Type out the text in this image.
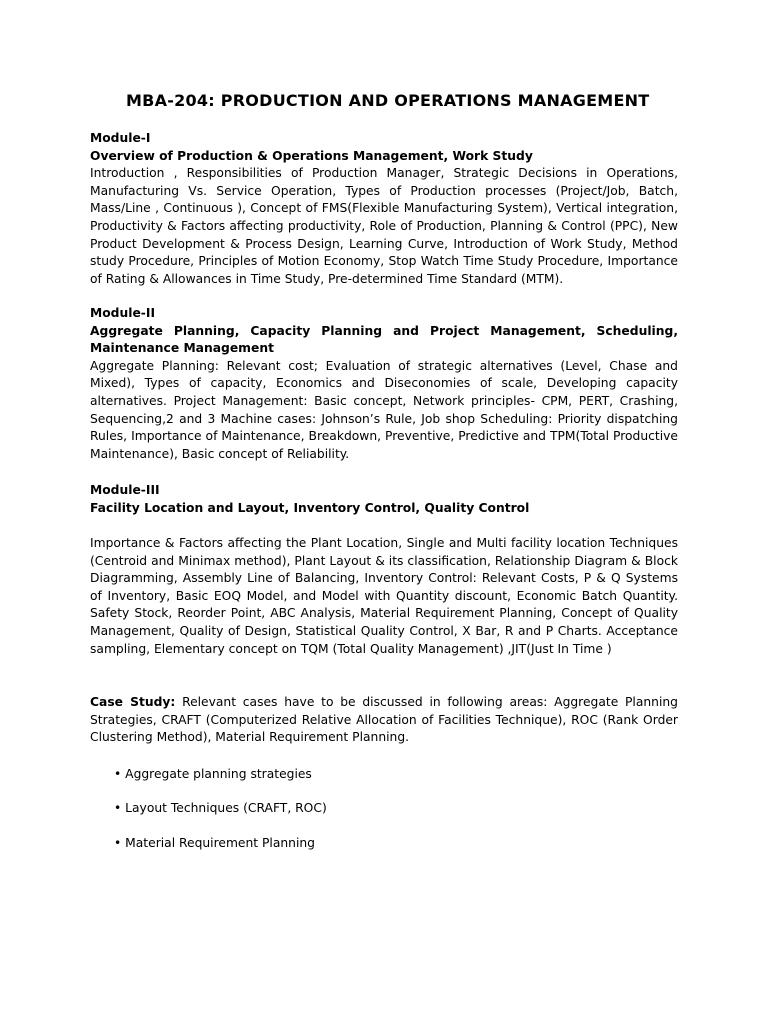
MBA-204: PRODUCTION AND OPERATIONS MANAGEMENT
Module-I
Overview of Production & Operations Management, Work Study

Introduction , Responsibilities of Production Manager, Strategic Decisions in Operations, Manufacturing Vs. Service Operation, Types of Production processes (Project/Job, Batch, Mass/Line , Continuous ), Concept of FMS(Flexible Manufacturing System), Vertical integration, Productivity & Factors affecting productivity, Role of Production, Planning & Control (PPC), New Product Development & Process Design, Learning Curve, Introduction of Work Study, Method study Procedure, Principles of Motion Economy, Stop Watch Time Study Procedure, Importance of Rating & Allowances in Time Study, Pre-determined Time Standard (MTM).

Module-II
Aggregate Planning, Capacity Planning and Project Management, Scheduling, Maintenance Management

Aggregate Planning: Relevant cost; Evaluation of strategic alternatives (Level, Chase and Mixed), Types of capacity, Economics and Diseconomies of scale, Developing capacity alternatives. Project Management: Basic concept, Network principles- CPM, PERT, Crashing, Sequencing,2 and 3 Machine cases: Johnson’s Rule, Job shop Scheduling: Priority dispatching Rules, Importance of Maintenance, Breakdown, Preventive, Predictive and TPM(Total Productive Maintenance), Basic concept of Reliability.

Module-III
Facility Location and Layout, Inventory Control, Quality Control

Importance & Factors affecting the Plant Location, Single and Multi facility location Techniques (Centroid and Minimax method), Plant Layout & its classification, Relationship Diagram & Block Diagramming, Assembly Line of Balancing, Inventory Control: Relevant Costs, P & Q Systems of Inventory, Basic EOQ Model, and Model with Quantity discount, Economic Batch Quantity. Safety Stock, Reorder Point, ABC Analysis, Material Requirement Planning, Concept of Quality Management, Quality of Design, Statistical Quality Control, X Bar, R and P Charts. Acceptance sampling, Elementary concept on TQM (Total Quality Management) ,JIT(Just In Time )

Case Study: Relevant cases have to be discussed in following areas: Aggregate Planning Strategies, CRAFT (Computerized Relative Allocation of Facilities Technique), ROC (Rank Order Clustering Method), Material Requirement Planning.

• Aggregate planning strategies
• Layout Techniques (CRAFT, ROC)
• Material Requirement Planning
